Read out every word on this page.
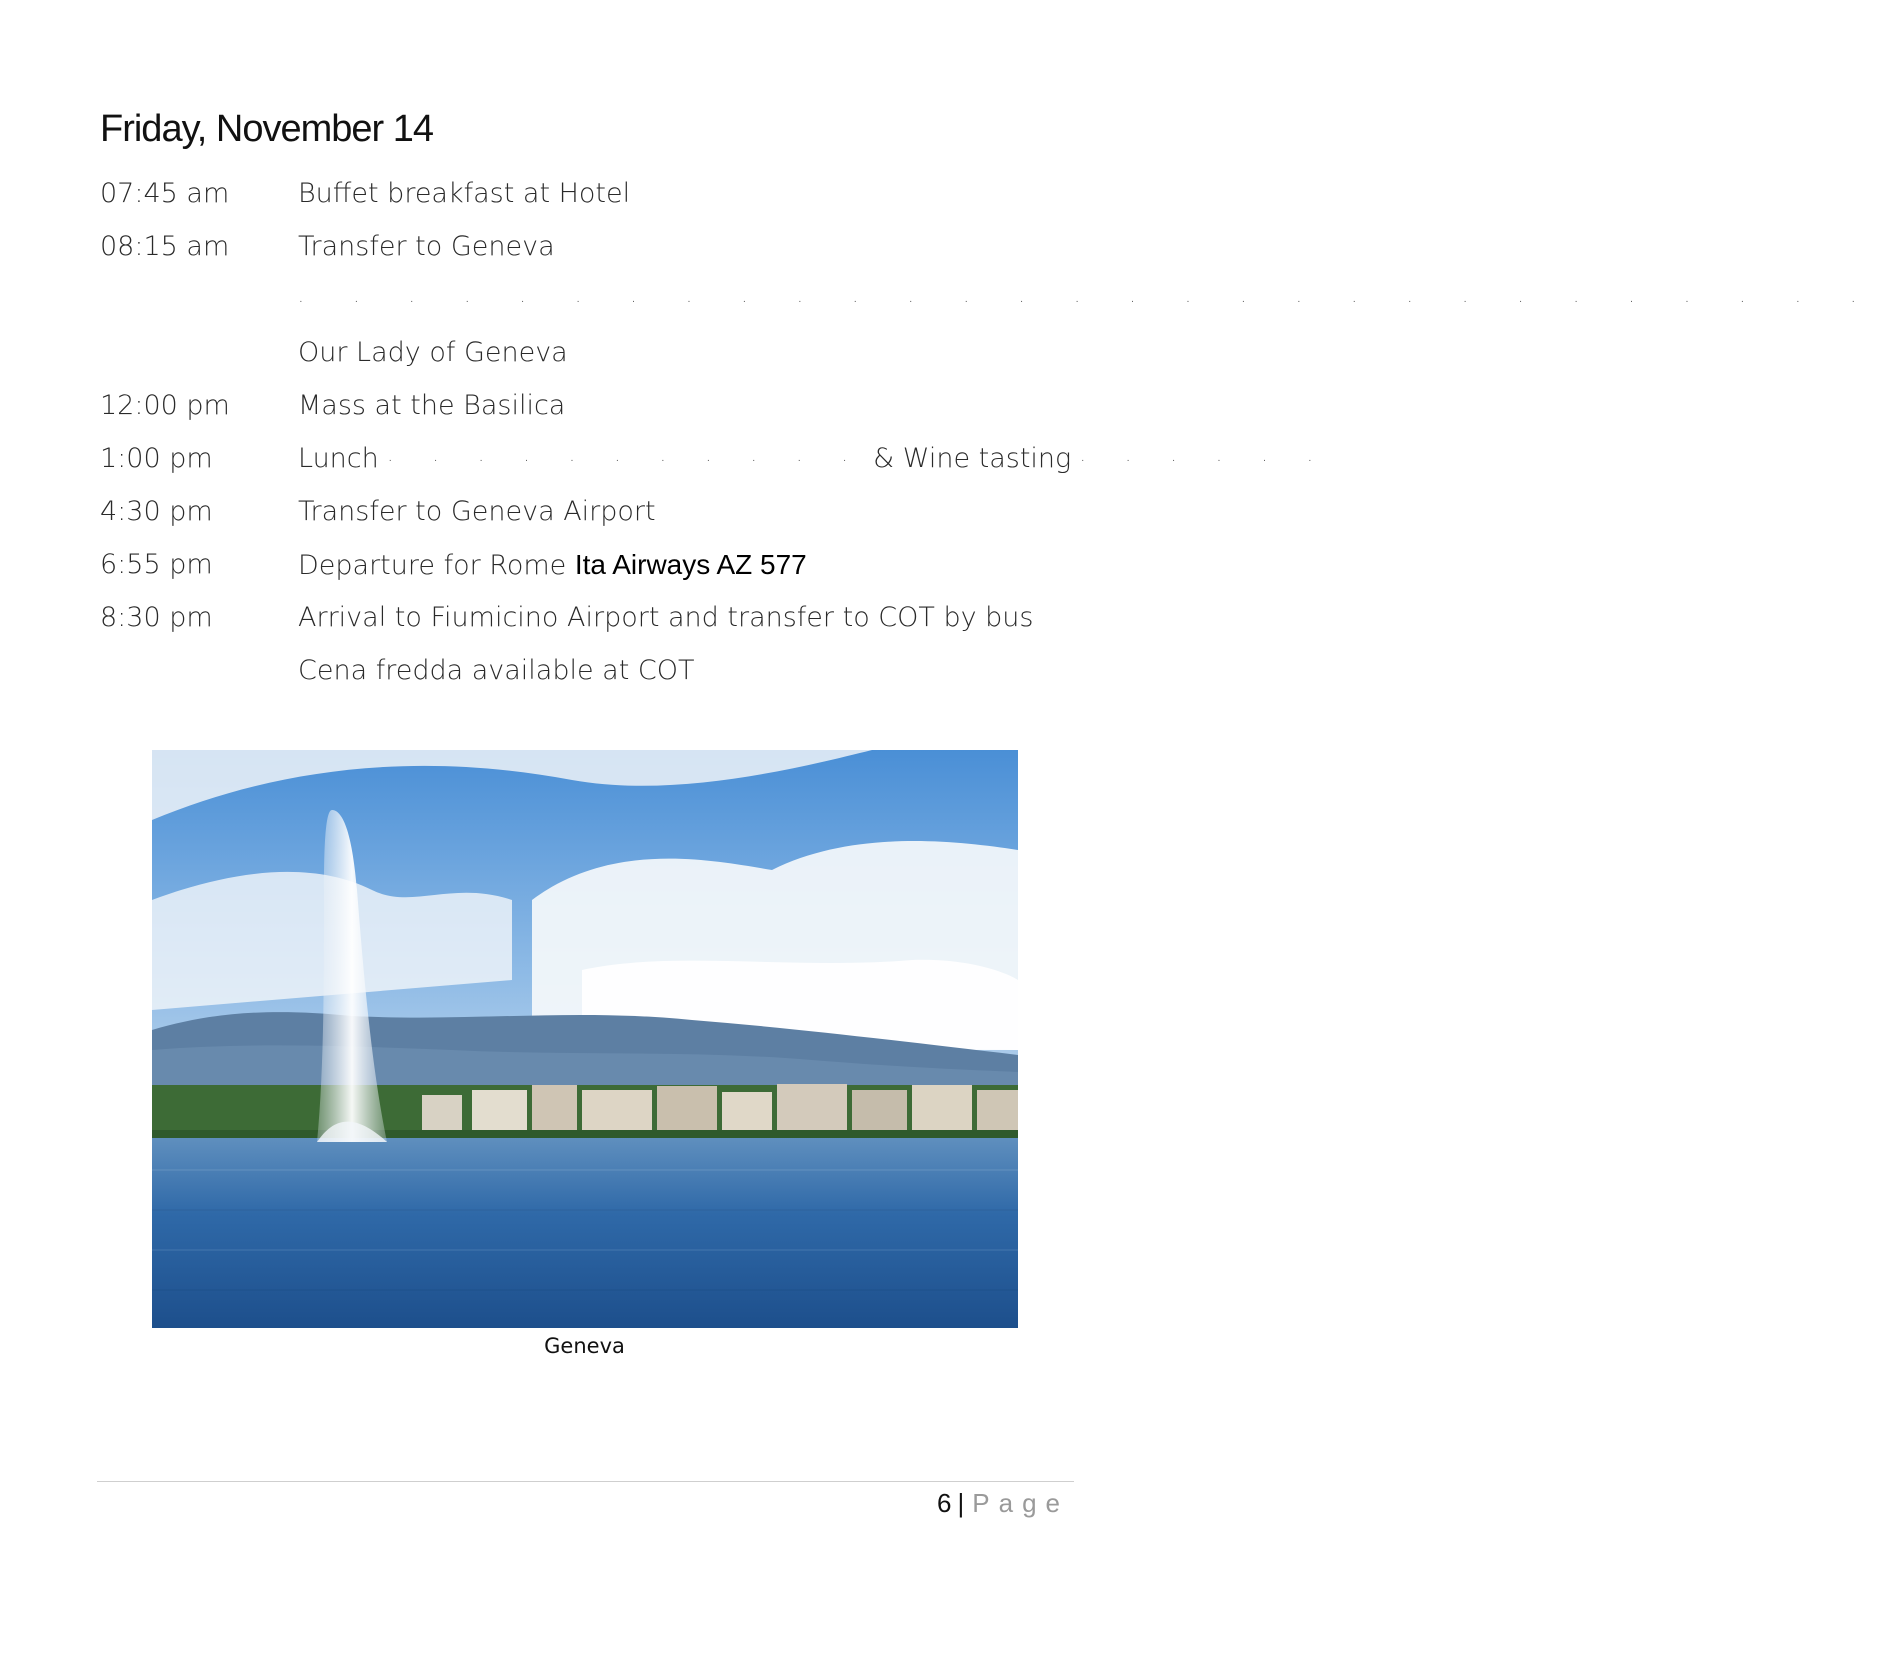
Friday, November 14
07:45 am	Buffet breakfast at Hotel
08:15 am	Transfer to Geneva
. . . . . . . . . . . . . . . . . . . . . . . . . . . . .
Our Lady of Geneva
12:00 pm	Mass at the Basilica
1:00 pm	Lunch . . . . . . . . . . . & Wine tasting . . . . . .
4:30 pm	Transfer to Geneva Airport
6:55 pm	Departure for Rome Ita Airways AZ 577
8:30 pm	Arrival to Fiumicino Airport and transfer to COT by bus
Cena fredda available at COT
Geneva
6 | Page
